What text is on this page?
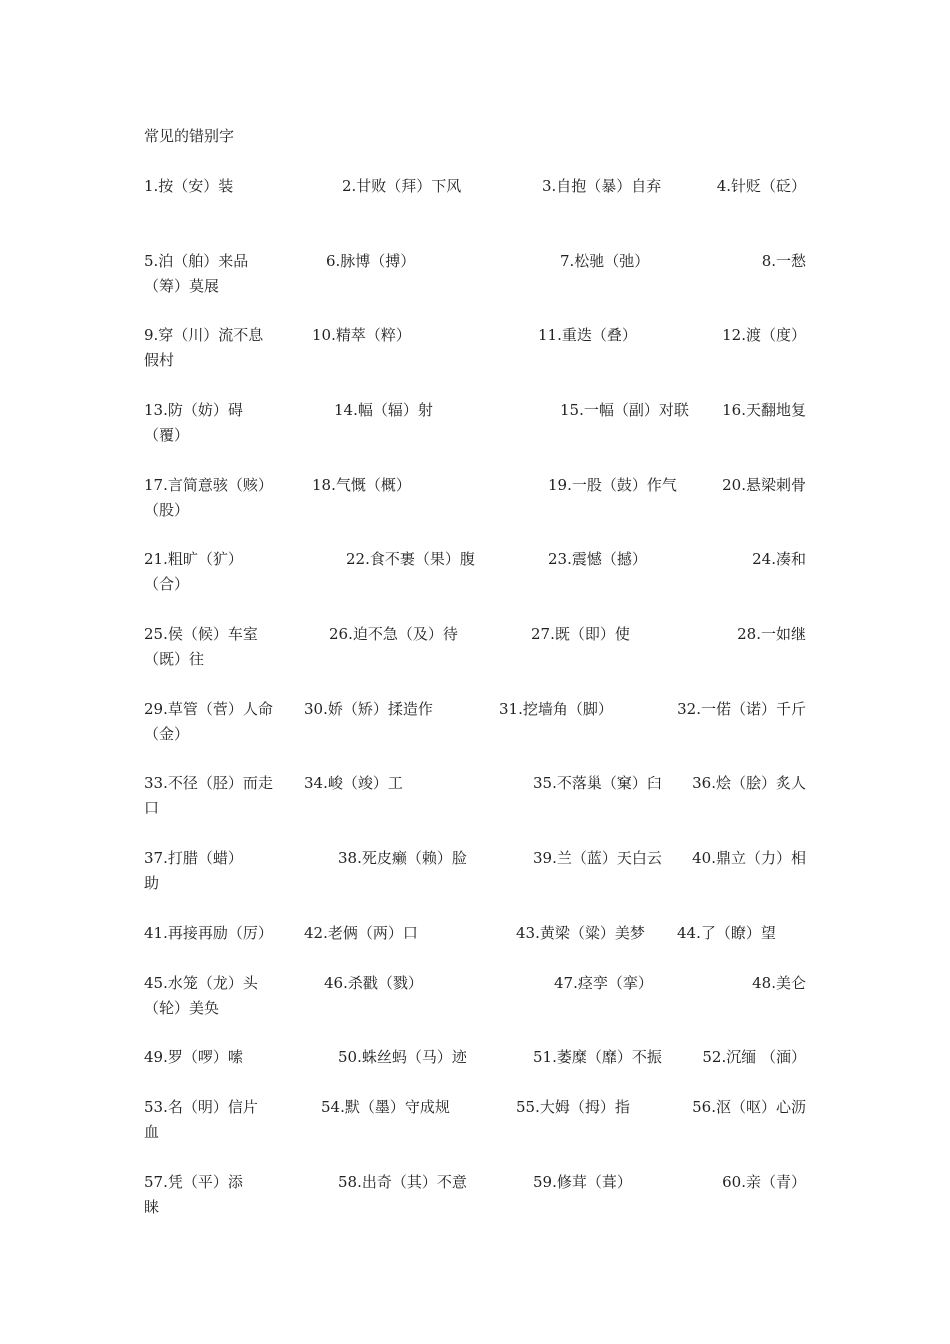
常见的错别字
1.按（安）装	2.甘败（拜）下风	3.自抱（暴）自弃	4.针贬（砭）
5.泊（舶）来品	6.脉博（搏）	7.松驰（弛）	8.一愁
（筹）莫展
9.穿（川）流不息	10.精萃（粹）	11.重迭（叠）	12.渡（度）
假村
13.防（妨）碍	14.幅（辐）射	15.一幅（副）对联 16.天翻地复
（覆）
17.言简意骇（赅）	18.气慨（概）	19.一股（鼓）作气	20.悬梁刺骨
（股）
21.粗旷（犷）	22.食不裹（果）腹	23.震憾（撼）	24.凑和
（合）
25.侯（候）车室	26.迫不急（及）待	27.既（即）使	28.一如继
（既）往
29.草管（菅）人命 30.娇（矫）揉造作	31.挖墙角（脚）	32.一偌（诺）千斤
（金）
33.不径（胫）而走 34.峻（竣）工	35.不落巢（窠）臼 36.烩（脍）炙人
口
37.打腊（蜡）	38.死皮癞（赖）脸	39.兰（蓝）天白云 40.鼎立（力）相
助
41.再接再励（厉） 42.老俩（两）口	43.黄梁（粱）美梦 44.了（瞭）望
45.水笼（龙）头	46.杀戳（戮）	47.痉孪（挛）	48.美仑
（轮）美奂
49.罗（啰）嗦	50.蛛丝蚂（马）迹	51.萎糜（靡）不振	52.沉缅 （湎）
53.名（明）信片	54.默（墨）守成规	55.大姆（拇）指	56.沤（呕）心沥
血
57.凭（平）添	58.出奇（其）不意	59.修茸（葺）	60.亲（青）
睐
